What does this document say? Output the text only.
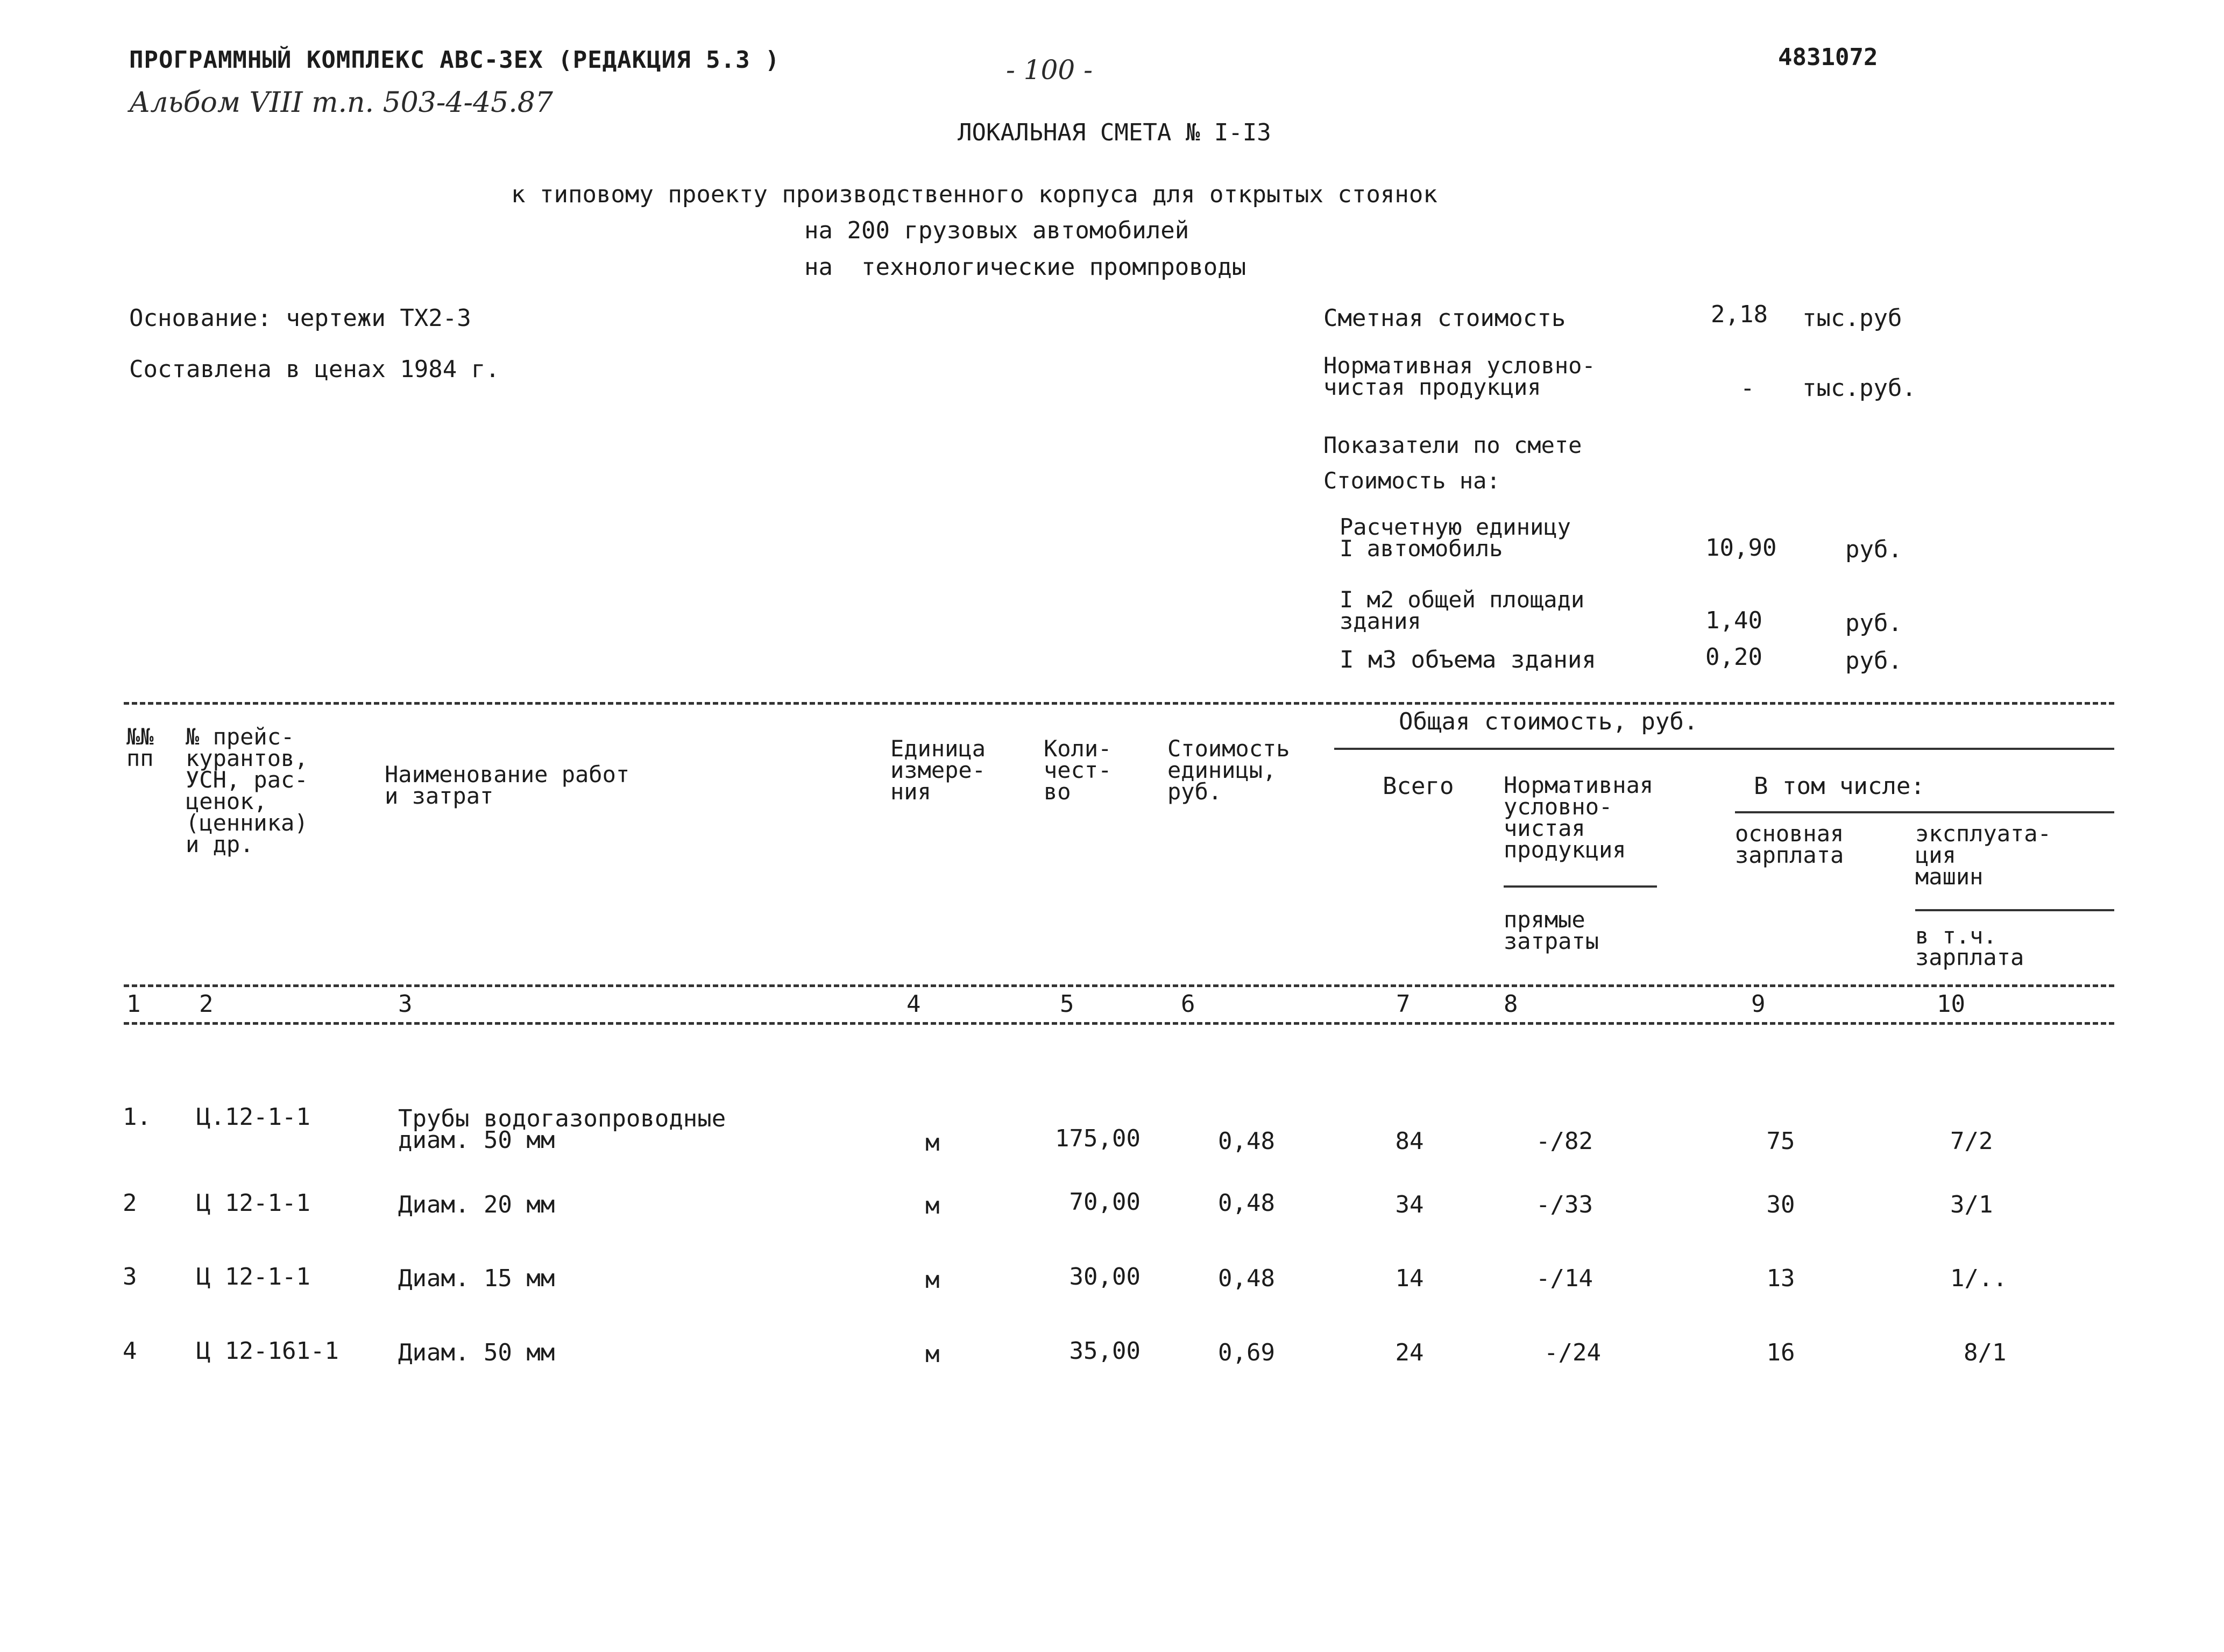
ПРОГРАММНЫЙ КОМПЛЕКС АВС-ЗЕХ (РЕДАКЦИЯ 5.3 )
Альбом VIII т.п. 503-4-45.87
- 100 -	4831072
ЛОКАЛЬНАЯ СМЕТА № I-I3
к типовому проекту производственного корпуса для открытых стоянок
на 200 грузовых автомобилей
на  технологические промпроводы
Основание: чертежи ТХ2-3
Составлена в ценах 1984 г.
Сметная стоимость	2,18 тыс.руб
Нормативная условно-
чистая продукция	- тыс.руб.
Показатели по смете
Стоимость на:
Расчетную единицу
I автомобиль	10,90	руб.
I м2 общей площади
здания	1,40	руб.
I м3 объема здания	0,20	руб.
№№
пп
№ прейс-
курантов,
УСН, рас-
ценок,
(ценника)
и др.
Наименование работ
и затрат
Единица
измере-
ния
Коли-
чест-
во
Стоимость
единицы,
руб.
Общая стоимость, руб.
Всего Нормативная
условно-
чистая
продукция
прямые
затраты
В том числе:
основная
зарплата
эксплуата-
ция
машин
в т.ч.
зарплата
1 2	3	4	5	6	7	8	9	10
1. Ц.12-1-1	Трубы водогазопроводные
диам. 50 мм	м	175,00	0,48	84	-/82	75	7/2
2	Ц 12-1-1	Диам. 20 мм	м	70,00	0,48	34	-/33	30	3/1
3	Ц 12-1-1	Диам. 15 мм	м	30,00	0,48	14	-/14	13	1/..
4	Ц 12-161-1	Диам. 50 мм	м	35,00	0,69	24	-/24	16	8/1
